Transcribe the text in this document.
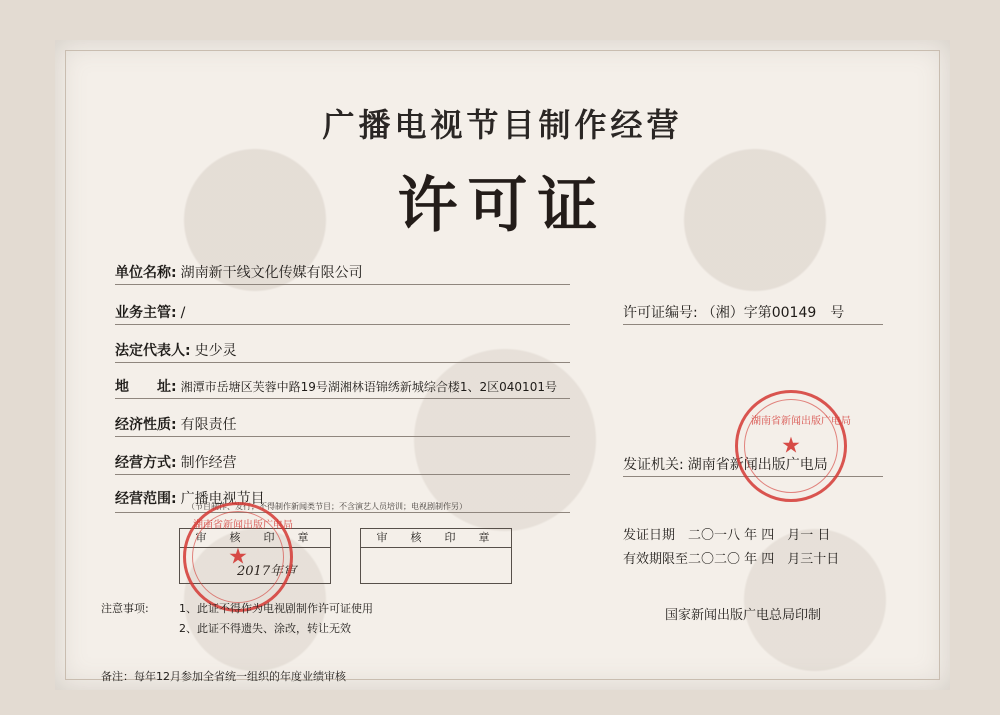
广播电视节目制作经营
许可证
单位名称: 湖南新干线文化传媒有限公司
业务主管: /
法定代表人: 史少灵
地　　址: 湘潭市岳塘区芙蓉中路19号湖湘林语锦绣新城综合楼1、2区040101号
经济性质: 有限责任
经营方式: 制作经营
经营范围: 广播电视节目
（节目制作、发行；不得制作新闻类节目；不含演艺人员培训；电视剧制作另）
许可证编号: （湘）字第00149　号
发证机关: 湖南省新闻出版广电局
★
湖南省新闻出版广电局
发证日期　二〇一八 年 四　月一 日
有效期限至二〇二〇 年 四　月三十日
国家新闻出版广电总局印制
审　核　印　章
2017年审
审　核　印　章
★
湖南省新闻出版广电局
注意事项:	1、此证不得作为电视剧制作许可证使用
2、此证不得遗失、涂改，转让无效
备注：每年12月参加全省统一组织的年度业绩审核
